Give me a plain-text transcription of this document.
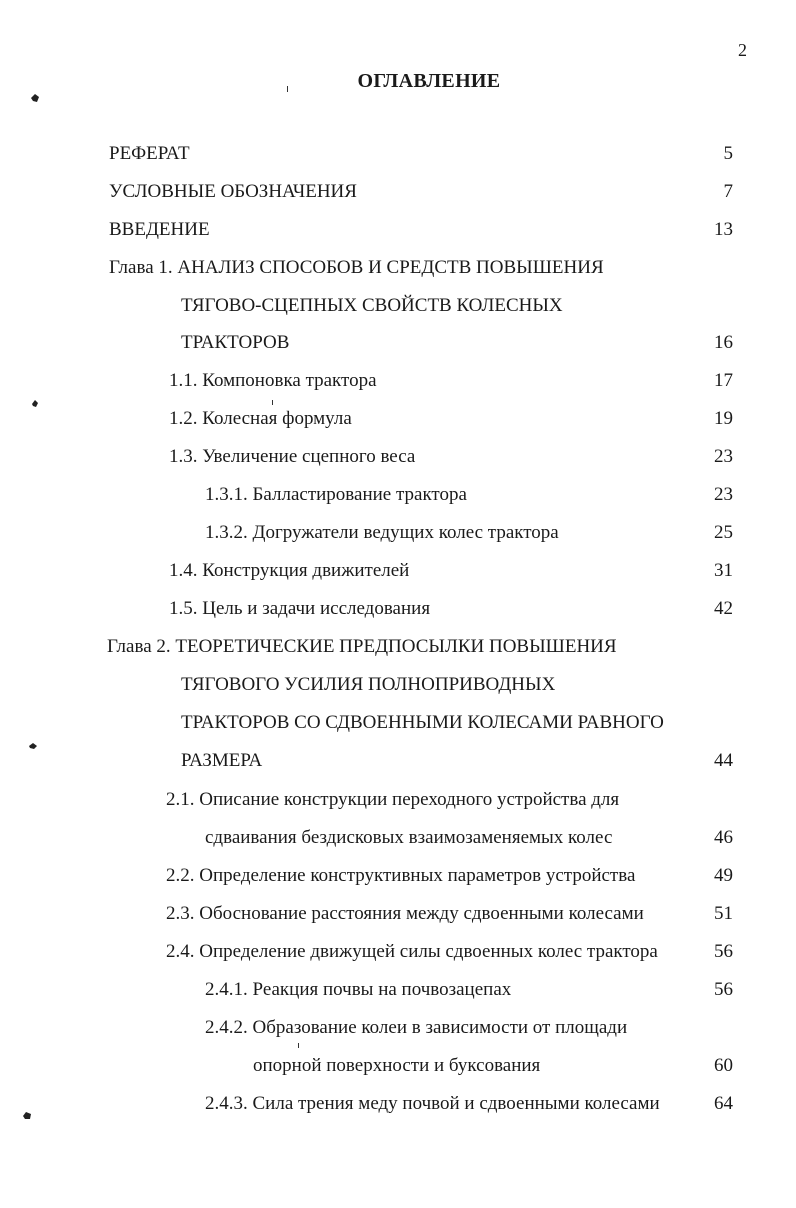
2
ОГЛАВЛЕНИЕ
РЕФЕРАТ	5
УСЛОВНЫЕ ОБОЗНАЧЕНИЯ	7
ВВЕДЕНИЕ	13
Глава 1. АНАЛИЗ СПОСОБОВ И СРЕДСТВ ПОВЫШЕНИЯ
ТЯГОВО-СЦЕПНЫХ СВОЙСТВ КОЛЕСНЫХ
ТРАКТОРОВ	16
1.1. Компоновка трактора	17
1.2. Колесная формула	19
1.3. Увеличение сцепного веса	23
1.3.1. Балластирование трактора	23
1.3.2. Догружатели ведущих колес трактора	25
1.4. Конструкция движителей	31
1.5. Цель и задачи исследования	42
Глава 2. ТЕОРЕТИЧЕСКИЕ ПРЕДПОСЫЛКИ ПОВЫШЕНИЯ
ТЯГОВОГО УСИЛИЯ ПОЛНОПРИВОДНЫХ
ТРАКТОРОВ СО СДВОЕННЫМИ КОЛЕСАМИ РАВНОГО
РАЗМЕРА	44
2.1. Описание конструкции переходного устройства для
сдваивания бездисковых взаимозаменяемых колес	46
2.2. Определение конструктивных параметров устройства	49
2.3. Обоснование расстояния между сдвоенными колесами	51
2.4. Определение движущей силы сдвоенных колес трактора	56
2.4.1. Реакция почвы на почвозацепах	56
2.4.2. Образование колеи в зависимости от площади
опорной поверхности и буксования	60
2.4.3. Сила трения меду почвой и сдвоенными колесами	64
